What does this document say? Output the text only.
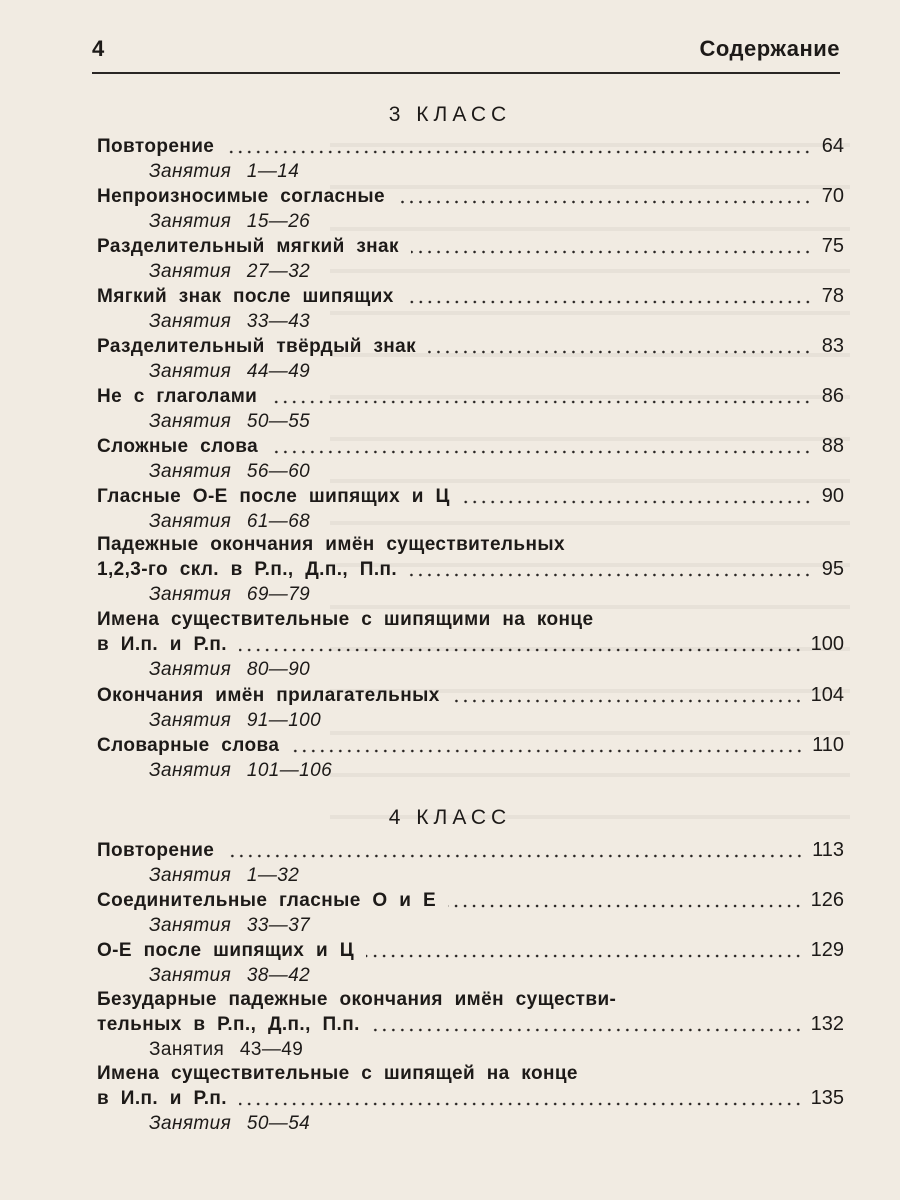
4	Содержание
3 КЛАСС
4 КЛАСС
Повторение	64
Занятия 1—14
Непроизносимые согласные	70
Занятия 15—26
Разделительный мягкий знак	75
Занятия 27—32
Мягкий знак после шипящих	78
Занятия 33—43
Разделительный твёрдый знак	83
Занятия 44—49
Не с глаголами	86
Занятия 50—55
Сложные слова	88
Занятия 56—60
Гласные О-Е после шипящих и Ц	90
Занятия 61—68
Падежные окончания имён существительных
1,2,3-го скл. в Р.п., Д.п., П.п.	95
Занятия 69—79
Имена существительные с шипящими на конце
в И.п. и Р.п.	100
Занятия 80—90
Окончания имён прилагательных	104
Занятия 91—100
Словарные слова	110
Занятия 101—106
Повторение	113
Занятия 1—32
Соединительные гласные О и Е	126
Занятия 33—37
О-Е после шипящих и Ц	129
Занятия 38—42
Безударные падежные окончания имён существи-
тельных в Р.п., Д.п., П.п.	132
Занятия 43—49
Имена существительные с шипящей на конце
в И.п. и Р.п.	135
Занятия 50—54
